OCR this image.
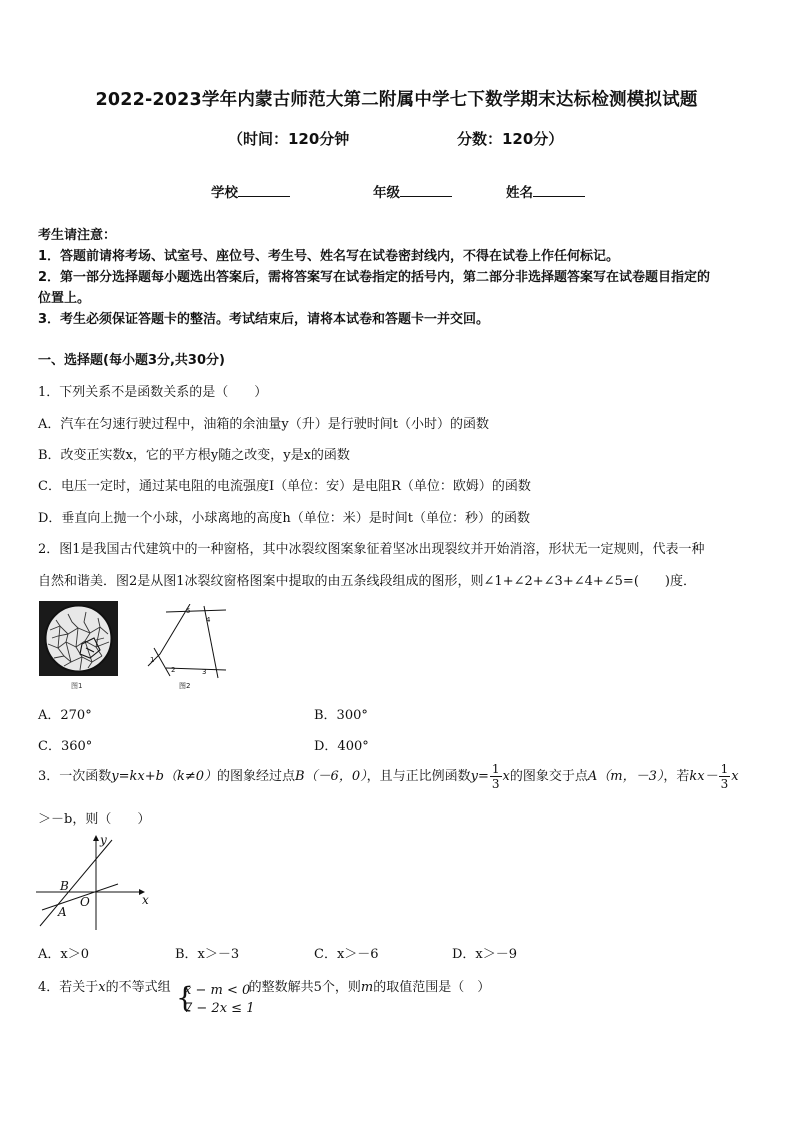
2022-2023学年内蒙古师范大第二附属中学七下数学期末达标检测模拟试题
（时间：120分钟	分数：120分）
学校	年级	姓名
考生请注意：
1．答题前请将考场、试室号、座位号、考生号、姓名写在试卷密封线内，不得在试卷上作任何标记。
2．第一部分选择题每小题选出答案后，需将答案写在试卷指定的括号内，第二部分非选择题答案写在试卷题目指定的
位置上。
3．考生必须保证答题卡的整洁。考试结束后，请将本试卷和答题卡一并交回。
一、选择题(每小题3分,共30分)
1．下列关系不是函数关系的是（　　）
A．汽车在匀速行驶过程中，油箱的余油量y（升）是行驶时间t（小时）的函数
B．改变正实数x，它的平方根y随之改变，y是x的函数
C．电压一定时，通过某电阻的电流强度I（单位：安）是电阻R（单位：欧姆）的函数
D．垂直向上抛一个小球，小球离地的高度h（单位：米）是时间t（单位：秒）的函数
2．图1是我国古代建筑中的一种窗格，其中冰裂纹图案象征着坚冰出现裂纹并开始消溶，形状无一定规则，代表一种
自然和谐美．图2是从图1冰裂纹窗格图案中提取的由五条线段组成的图形，则∠1+∠2+∠3+∠4+∠5=(　　)度．
图1
1
2	3
4
5
图2
A．270°	B．300°
C．360°	D．400°
3．一次函数y=kx+b（k≠0）的图象经过点B（－6，0），且与正比例函数$y= \frac{1}{3}$ x的图象交于点A（m，－3），若$kx- \frac{1}{3}$ x
＞－b，则（　　）
y
x
B
A
O
A．x＞0	B．x＞－3	C．x＞－6	D．x＞－9
4．若关于x的不等式组	的整数解共5个，则m的取值范围是（　）
{
x − m < 0
7 − 2x ≤ 1
